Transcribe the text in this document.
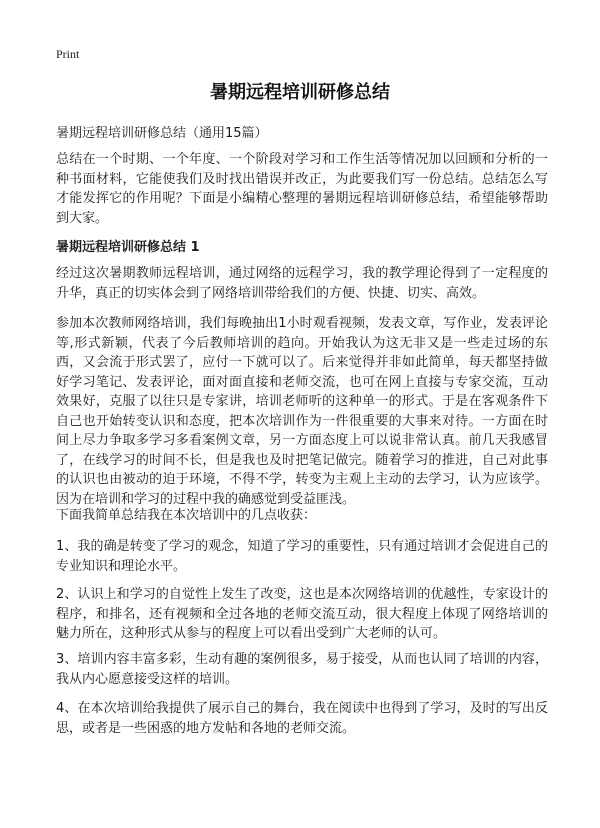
Print
暑期远程培训研修总结
暑期远程培训研修总结（通用15篇）

总结在一个时期、一个年度、一个阶段对学习和工作生活等情况加以回顾和分析的一种书面材料，它能使我们及时找出错误并改正，为此要我们写一份总结。总结怎么写才能发挥它的作用呢？下面是小编精心整理的暑期远程培训研修总结，希望能够帮助到大家。

暑期远程培训研修总结 1

经过这次暑期教师远程培训，通过网络的远程学习，我的教学理论得到了一定程度的升华，真正的切实体会到了网络培训带给我们的方便、快捷、切实、高效。

参加本次教师网络培训，我们每晚抽出1小时观看视频，发表文章，写作业，发表评论等,形式新颖，代表了今后教师培训的趋向。开始我认为这无非又是一些走过场的东西，又会流于形式罢了，应付一下就可以了。后来觉得并非如此简单，每天都坚持做好学习笔记、发表评论，面对面直接和老师交流，也可在网上直接与专家交流，互动效果好，克服了以往只是专家讲，培训老师听的这种单一的形式。于是在客观条件下自己也开始转变认识和态度，把本次培训作为一件很重要的大事来对待。一方面在时间上尽力争取多学习多看案例文章，另一方面态度上可以说非常认真。前几天我感冒了，在线学习的时间不长，但是我也及时把笔记做完。随着学习的推进，自己对此事的认识也由被动的迫于环境，不得不学，转变为主观上主动的去学习，认为应该学。因为在培训和学习的过程中我的确感觉到受益匪浅。

下面我简单总结我在本次培训中的几点收获：

1、我的确是转变了学习的观念，知道了学习的重要性，只有通过培训才会促进自己的专业知识和理论水平。

2、认识上和学习的自觉性上发生了改变，这也是本次网络培训的优越性，专家设计的程序，和排名，还有视频和全过各地的老师交流互动，很大程度上体现了网络培训的魅力所在，这种形式从参与的程度上可以看出受到广大老师的认可。

3、培训内容丰富多彩，生动有趣的案例很多，易于接受，从而也认同了培训的内容，我从内心愿意接受这样的培训。

4、在本次培训给我提供了展示自己的舞台，我在阅读中也得到了学习，及时的写出反思，或者是一些困惑的地方发帖和各地的老师交流。
